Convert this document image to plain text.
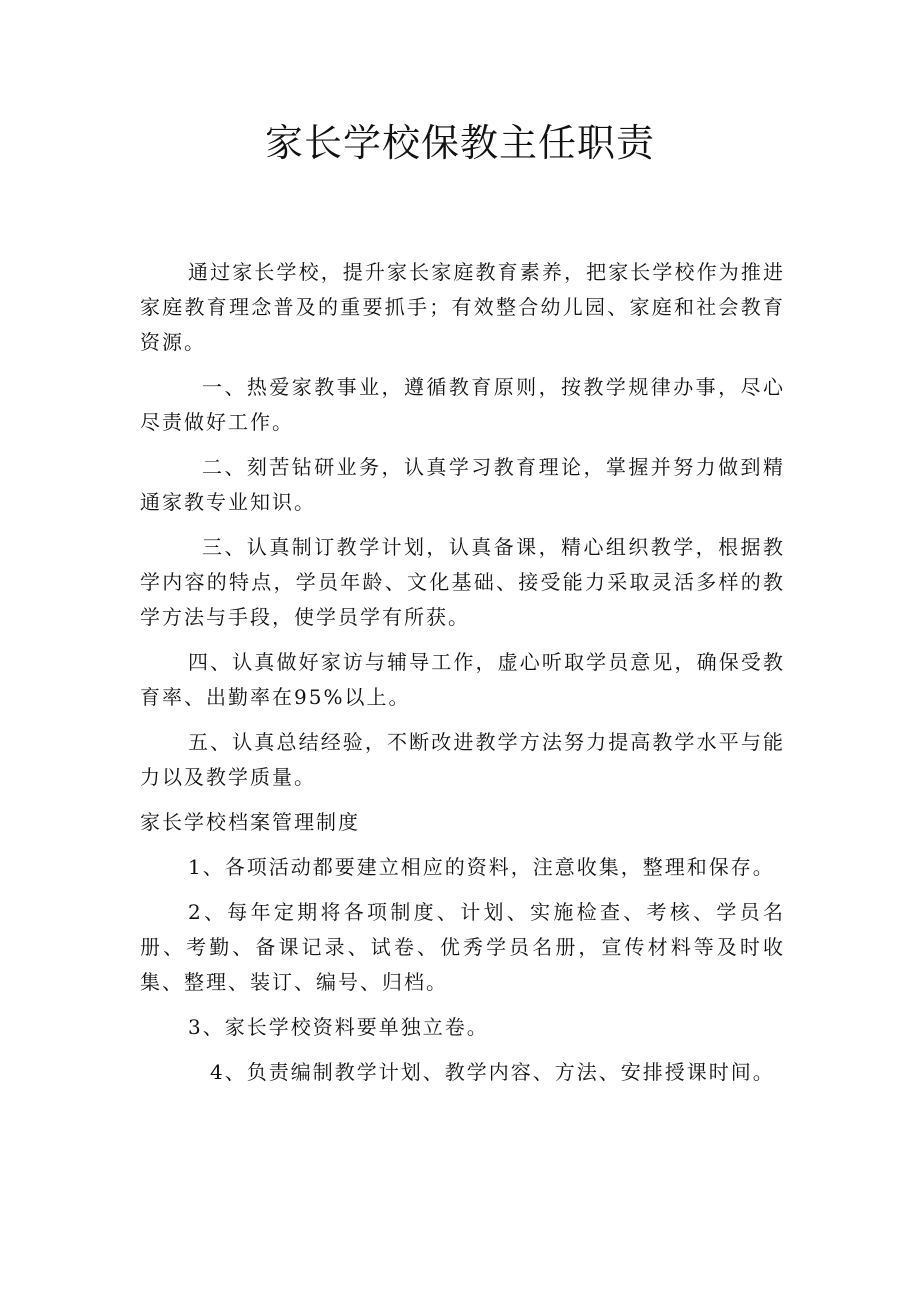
家长学校保教主任职责

通过家长学校，提升家长家庭教育素养，把家长学校作为推进家庭教育理念普及的重要抓手；有效整合幼儿园、家庭和社会教育资源。

一、热爱家教事业，遵循教育原则，按教学规律办事，尽心尽责做好工作。

二、刻苦钻研业务，认真学习教育理论，掌握并努力做到精通家教专业知识。

三、认真制订教学计划，认真备课，精心组织教学，根据教学内容的特点，学员年龄、文化基础、接受能力采取灵活多样的教学方法与手段，使学员学有所获。

四、认真做好家访与辅导工作，虚心听取学员意见，确保受教育率、出勤率在95%以上。

五、认真总结经验，不断改进教学方法努力提高教学水平与能力以及教学质量。

家长学校档案管理制度

1、各项活动都要建立相应的资料，注意收集，整理和保存。

2、每年定期将各项制度、计划、实施检查、考核、学员名册、考勤、备课记录、试卷、优秀学员名册，宣传材料等及时收集、整理、装订、编号、归档。

3、家长学校资料要单独立卷。

4、负责编制教学计划、教学内容、方法、安排授课时间。
